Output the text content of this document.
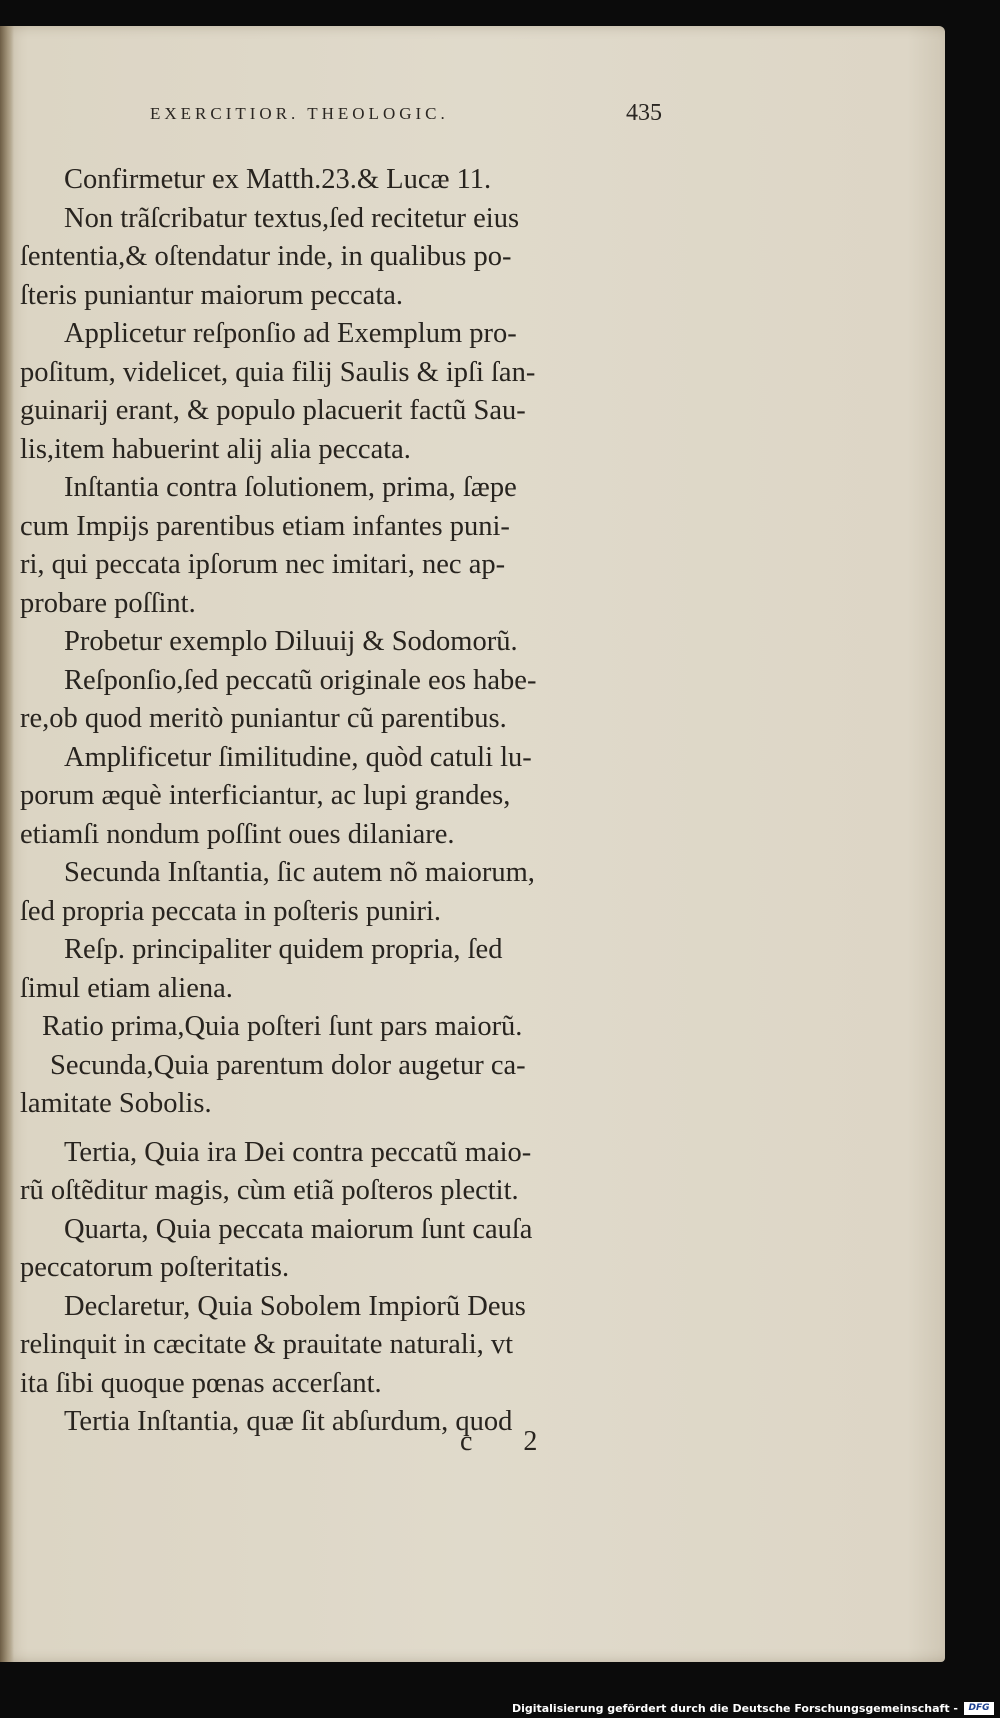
EXERCITIOR. THEOLOGIC.	435
Confirmetur ex Matth.23.& Lucæ 11.
Non trãſcribatur textus,ſed recitetur eius
ſententia,& oſtendatur inde, in qualibus po-
ſteris puniantur maiorum peccata.
Applicetur reſponſio ad Exemplum pro-
poſitum, videlicet, quia filij Saulis & ipſi ſan-
guinarij erant, & populo placuerit factũ Sau-
lis,item habuerint alij alia peccata.
Inſtantia contra ſolutionem, prima, ſæpe
cum Impijs parentibus etiam infantes puni-
ri, qui peccata ipſorum nec imitari, nec ap-
probare poſſint.
Probetur exemplo Diluuij & Sodomorũ.
Reſponſio,ſed peccatũ originale eos habe-
re,ob quod meritò puniantur cũ parentibus.
Amplificetur ſimilitudine, quòd catuli lu-
porum æquè interficiantur, ac lupi grandes,
etiamſi nondum poſſint oues dilaniare.
Secunda Inſtantia, ſic autem nõ maiorum,
ſed propria peccata in poſteris puniri.
Reſp. principaliter quidem propria, ſed
ſimul etiam aliena.
Ratio prima,Quia poſteri ſunt pars maiorũ.
Secunda,Quia parentum dolor augetur ca-
lamitate Sobolis.
Tertia, Quia ira Dei contra peccatũ maio-
rũ oſtẽditur magis, cùm etiã poſteros plectit.
Quarta, Quia peccata maiorum ſunt cauſa
peccatorum poſteritatis.
Declaretur, Quia Sobolem Impiorũ Deus
relinquit in cæcitate & prauitate naturali, vt
ita ſibi quoque pœnas accerſant.
Tertia Inſtantia, quæ ſit abſurdum, quod
c 2
Digitalisierung gefördert durch die Deutsche Forschungsgemeinschaft -	DFG
